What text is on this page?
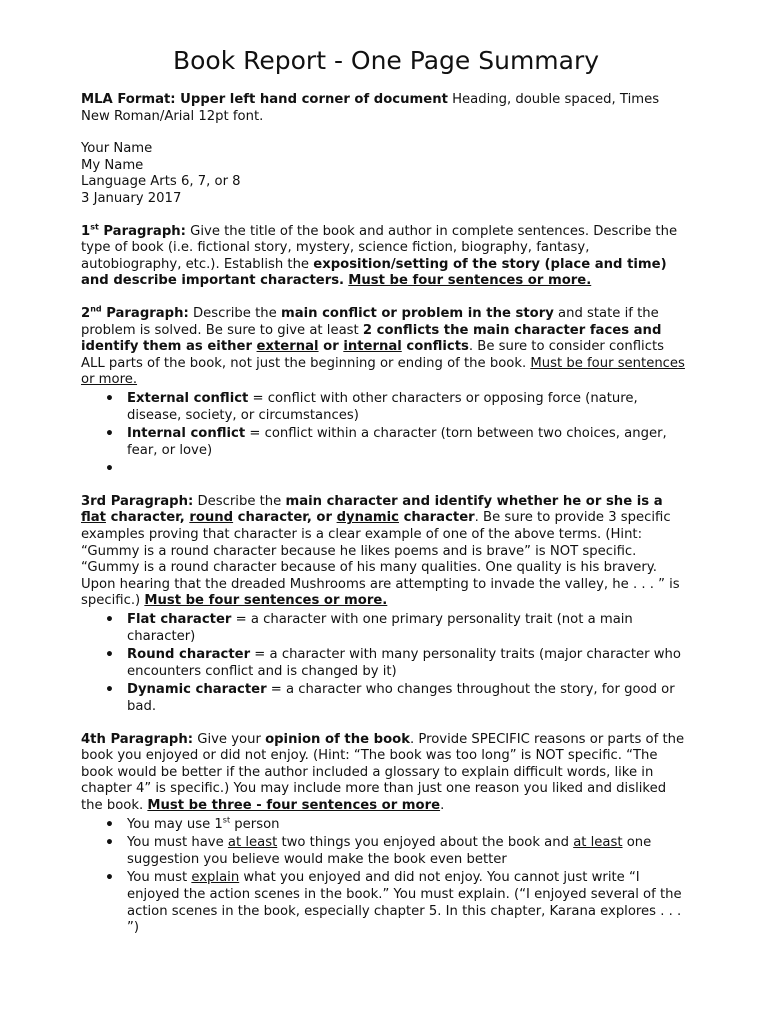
Book Report - One Page Summary

MLA Format: Upper left hand corner of document Heading, double spaced, Times New Roman/Arial 12pt font.

Your Name

My Name

Language Arts 6, 7, or 8

3 January 2017

1st Paragraph: Give the title of the book and author in complete sentences. Describe the type of book (i.e. fictional story, mystery, science fiction, biography, fantasy, autobiography, etc.). Establish the exposition/setting of the story (place and time) and describe important characters. Must be four sentences or more.

2nd Paragraph: Describe the main conflict or problem in the story and state if the problem is solved. Be sure to give at least 2 conflicts the main character faces and identify them as either external or internal conflicts. Be sure to consider conflicts ALL parts of the book, not just the beginning or ending of the book. Must be four sentences or more.

• External conflict = conflict with other characters or opposing force (nature, disease, society, or circumstances)
• Internal conflict = conflict within a character (torn between two choices, anger, fear, or love)
•

3rd Paragraph: Describe the main character and identify whether he or she is a flat character, round character, or dynamic character. Be sure to provide 3 specific examples proving that character is a clear example of one of the above terms. (Hint: “Gummy is a round character because he likes poems and is brave” is NOT specific. “Gummy is a round character because of his many qualities. One quality is his bravery. Upon hearing that the dreaded Mushrooms are attempting to invade the valley, he . . . ” is specific.) Must be four sentences or more.

• Flat character = a character with one primary personality trait (not a main character)
• Round character = a character with many personality traits (major character who encounters conflict and is changed by it)
• Dynamic character = a character who changes throughout the story, for good or bad.

4th Paragraph: Give your opinion of the book. Provide SPECIFIC reasons or parts of the book you enjoyed or did not enjoy. (Hint: “The book was too long” is NOT specific. “The book would be better if the author included a glossary to explain difficult words, like in chapter 4” is specific.) You may include more than just one reason you liked and disliked the book. Must be three - four sentences or more.

• You may use 1st person
• You must have at least two things you enjoyed about the book and at least one suggestion you believe would make the book even better
• You must explain what you enjoyed and did not enjoy. You cannot just write “I enjoyed the action scenes in the book.” You must explain. (“I enjoyed several of the action scenes in the book, especially chapter 5. In this chapter, Karana explores . . . ”)
